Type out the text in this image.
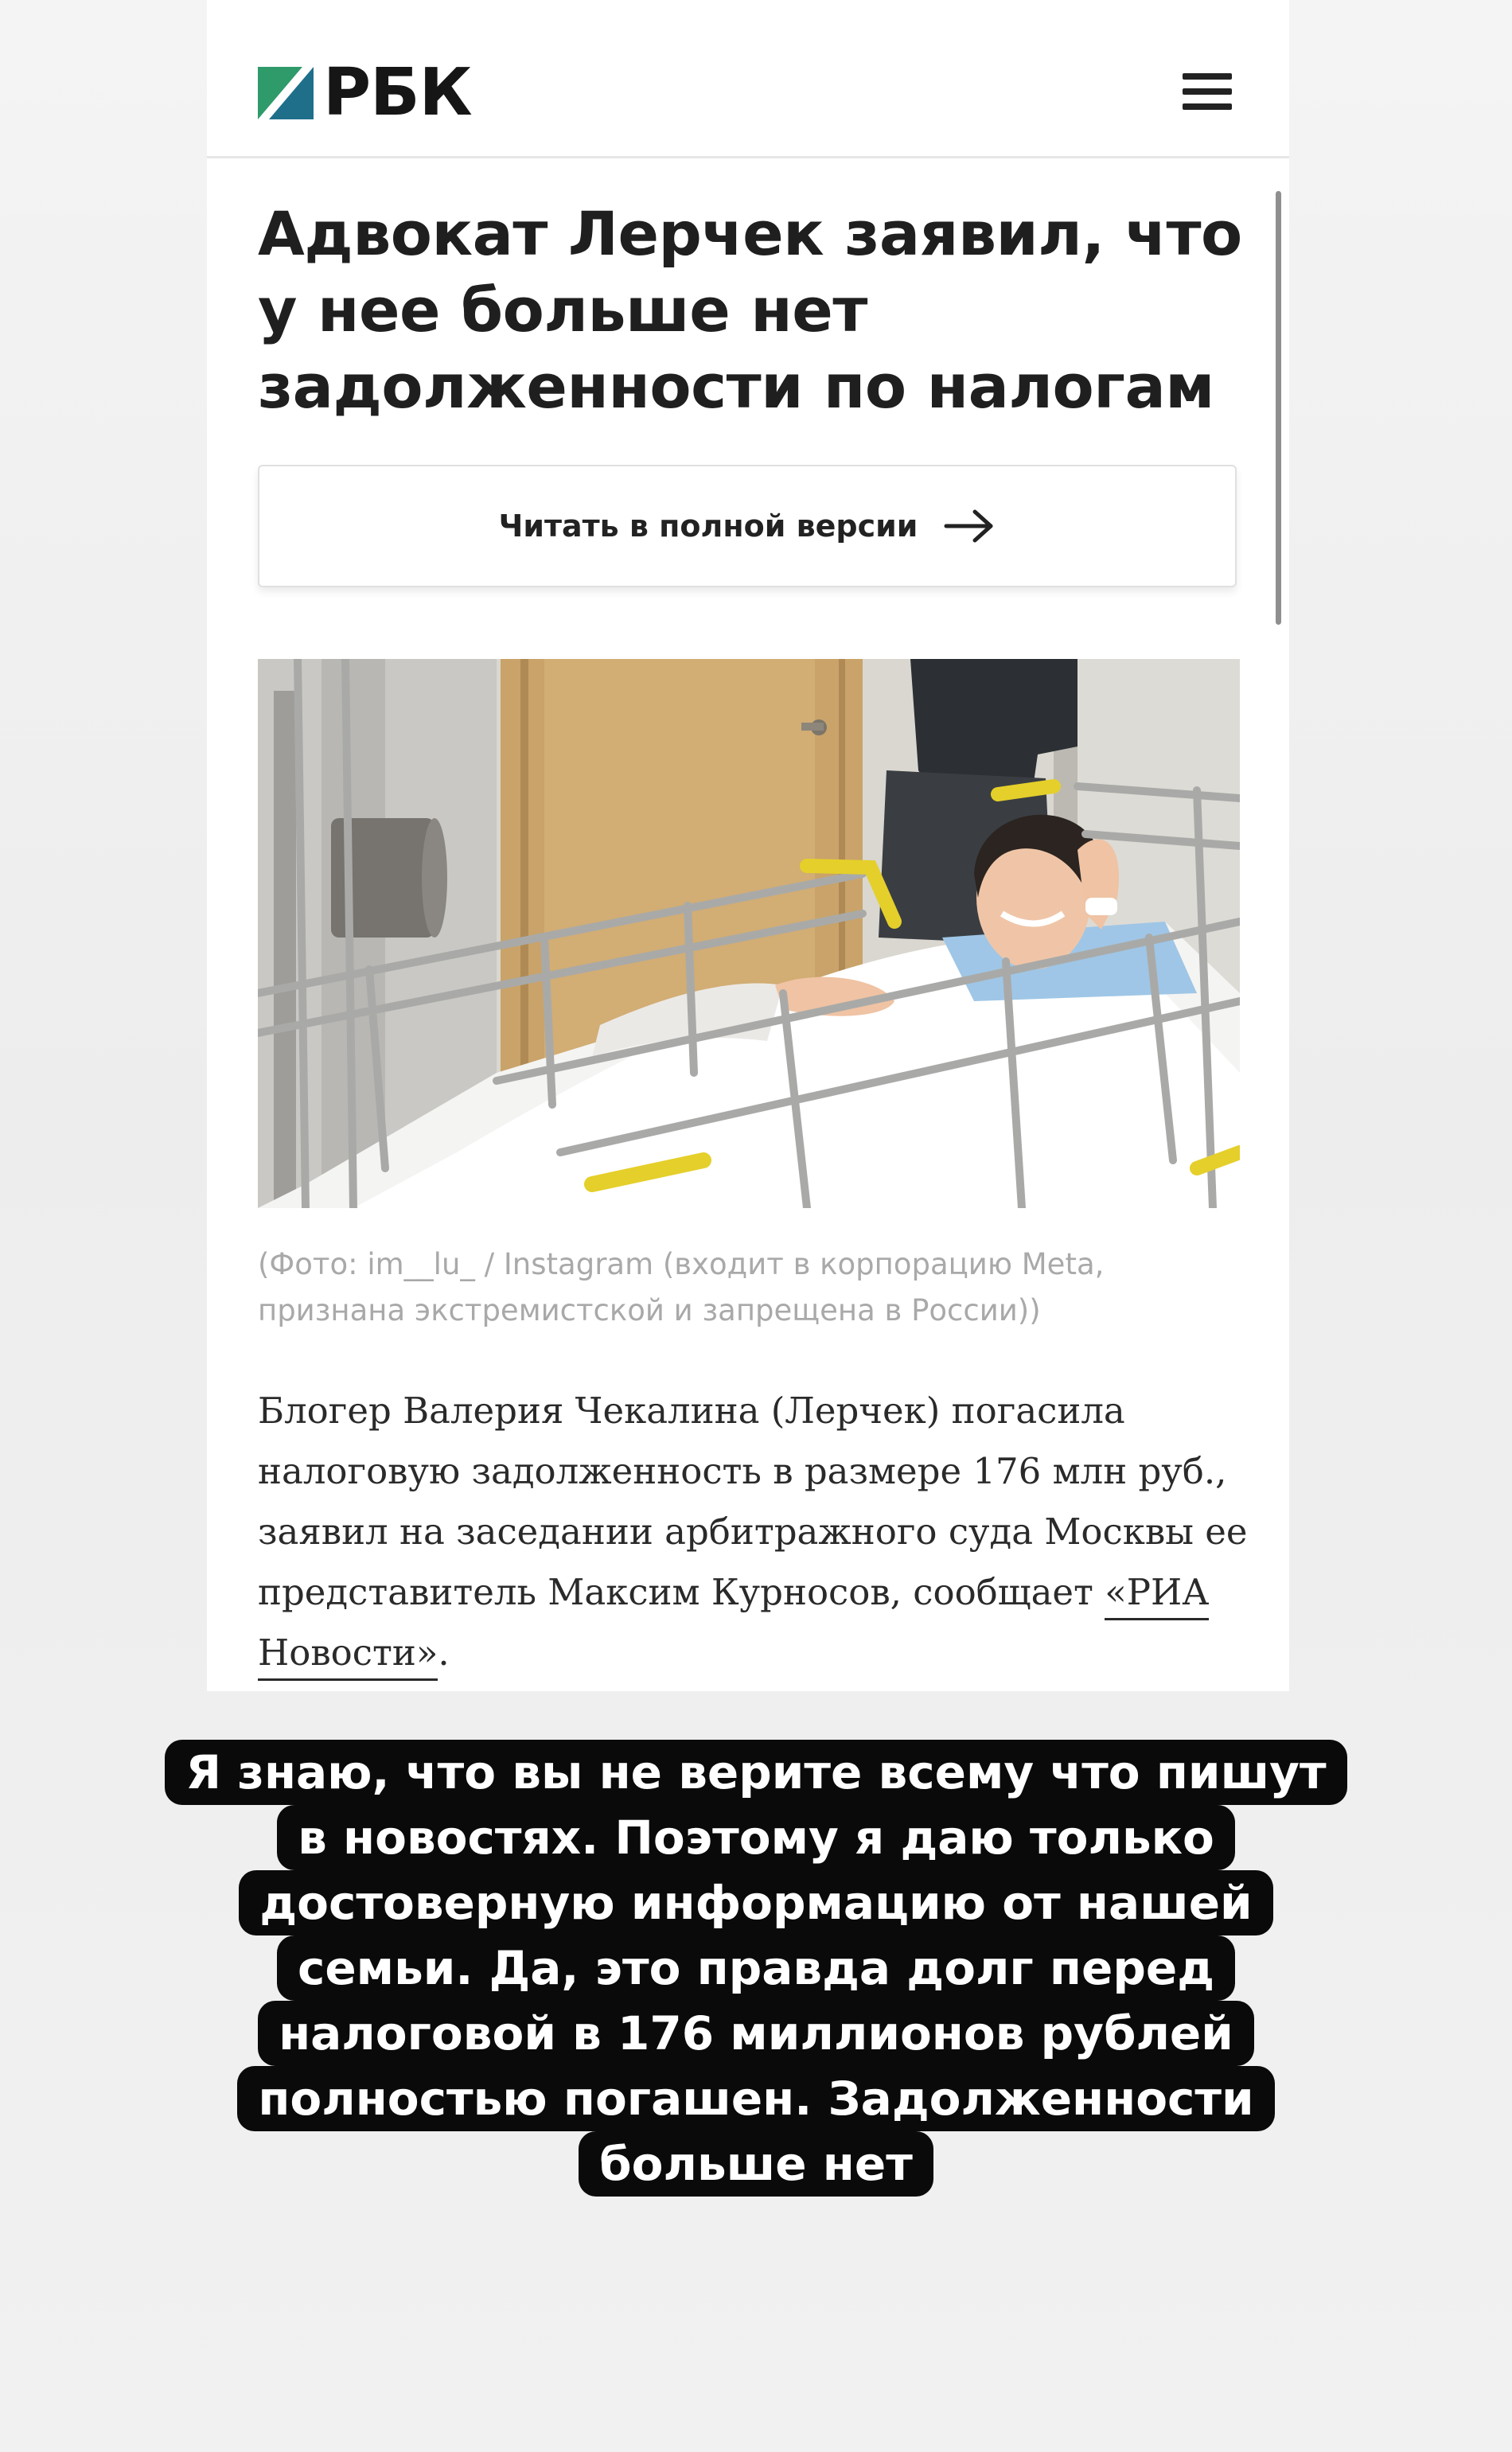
РБК
Адвокат Лерчек заявил, что у нее больше нет задолженности по налогам
Читать в полной версии

(Фото: im__lu_ / Instagram (входит в корпорацию Meta, признана экстремистской и запрещена в России))

Блогер Валерия Чекалина (Лерчек) погасила налоговую задолженность в размере 176 млн руб., заявил на заседании арбитражного суда Москвы ее представитель Максим Курносов, сообщает «РИА Новости».

Я знаю, что вы не верите всему что пишут
в новостях. Поэтому я даю только
достоверную информацию от нашей
семьи. Да, это правда долг перед
налоговой в 176 миллионов рублей
полностью погашен. Задолженности
больше нет
